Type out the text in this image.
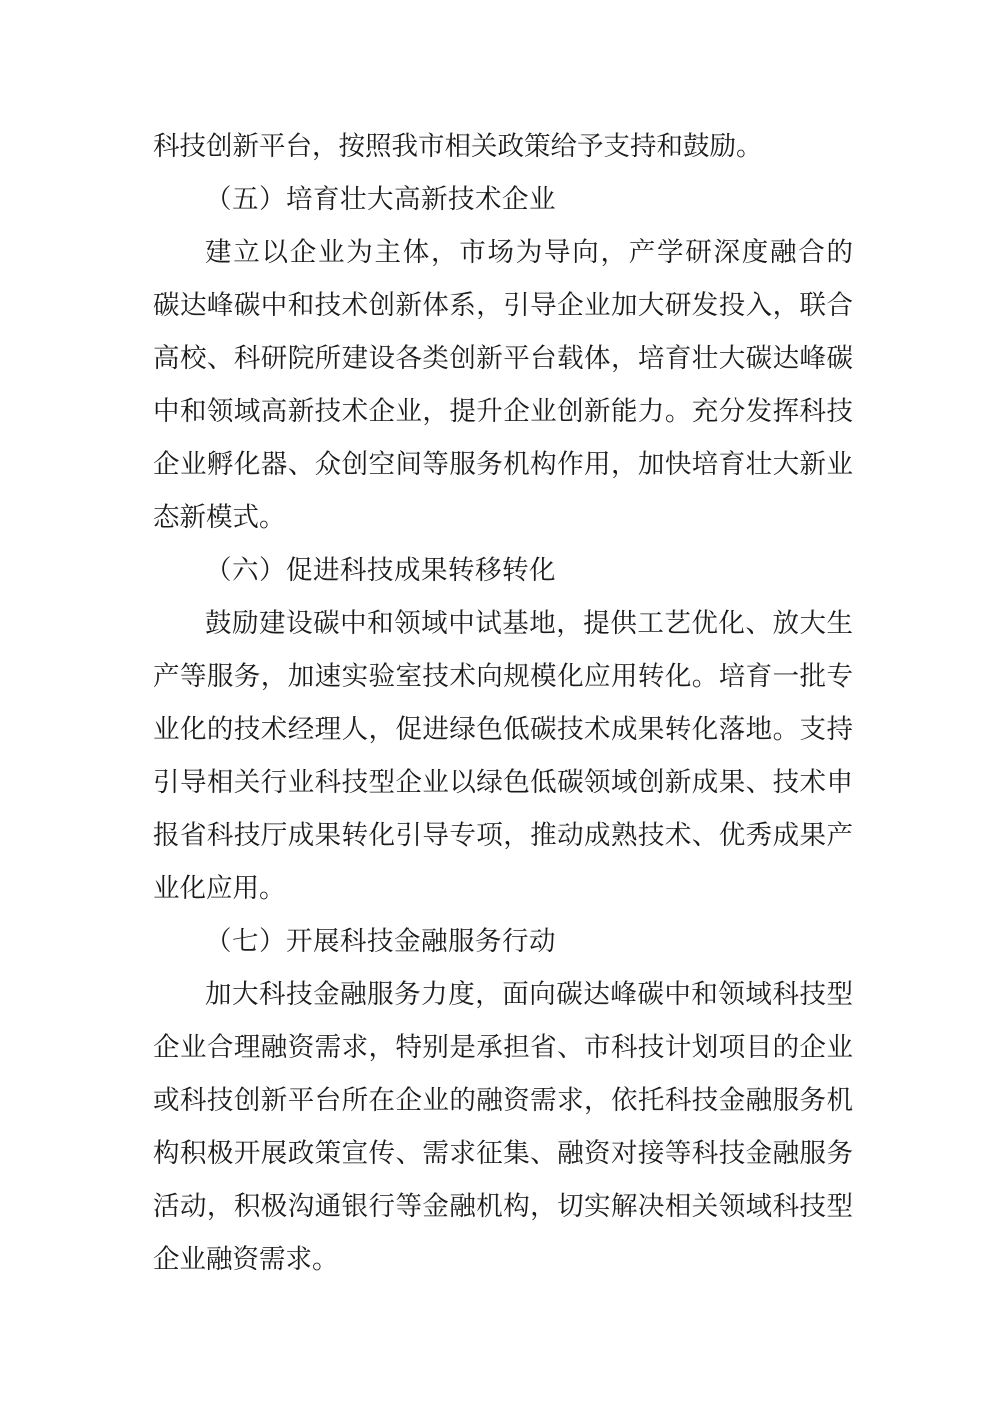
科技创新平台，按照我市相关政策给予支持和鼓励。
（五）培育壮大高新技术企业
建立以企业为主体，市场为导向，产学研深度融合的
碳达峰碳中和技术创新体系，引导企业加大研发投入，联合
高校、科研院所建设各类创新平台载体，培育壮大碳达峰碳
中和领域高新技术企业，提升企业创新能力。充分发挥科技
企业孵化器、众创空间等服务机构作用，加快培育壮大新业
态新模式。
（六）促进科技成果转移转化
鼓励建设碳中和领域中试基地，提供工艺优化、放大生
产等服务，加速实验室技术向规模化应用转化。培育一批专
业化的技术经理人，促进绿色低碳技术成果转化落地。支持
引导相关行业科技型企业以绿色低碳领域创新成果、技术申
报省科技厅成果转化引导专项，推动成熟技术、优秀成果产
业化应用。
（七）开展科技金融服务行动
加大科技金融服务力度，面向碳达峰碳中和领域科技型
企业合理融资需求，特别是承担省、市科技计划项目的企业
或科技创新平台所在企业的融资需求，依托科技金融服务机
构积极开展政策宣传、需求征集、融资对接等科技金融服务
活动，积极沟通银行等金融机构，切实解决相关领域科技型
企业融资需求。
